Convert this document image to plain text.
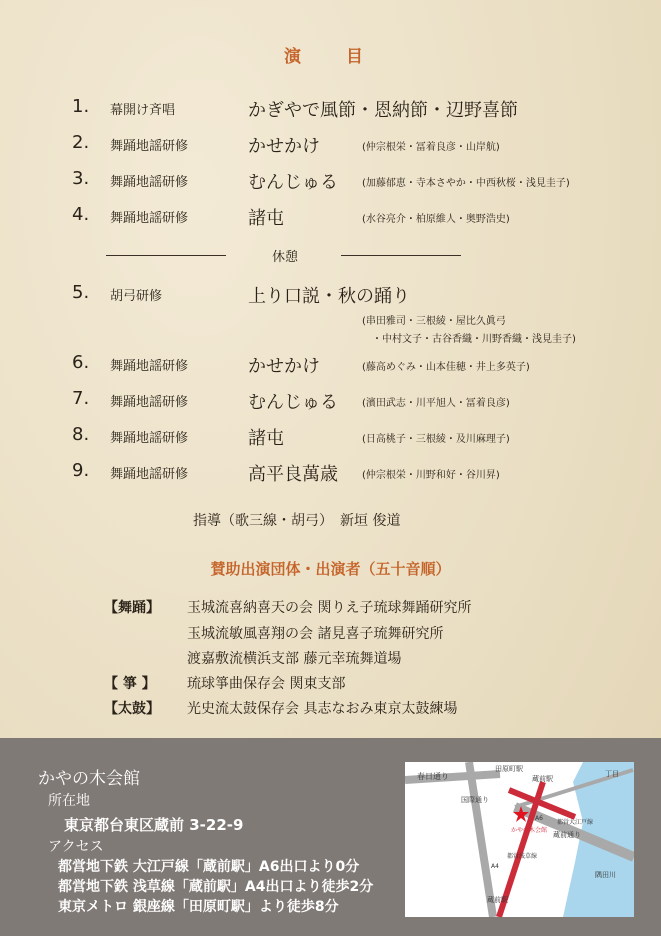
演　目
1. 幕開け斉唱	かぎやで風節・恩納節・辺野喜節
2. 舞踊地謡研修	かせかけ	(仲宗根栄・冨着良彦・山岸航)
3. 舞踊地謡研修	むんじゅる (加藤郁恵・寺本さやか・中西秋桜・浅見圭子)
4. 舞踊地謡研修	諸屯	(水谷亮介・柏原維人・奥野浩史)
休憩
5. 胡弓研修	上り口説・秋の踊り
(串田雅司・三根綾・屋比久眞弓
・中村文子・古谷香織・川野香織・浅見圭子)
6. 舞踊地謡研修	かせかけ	(藤高めぐみ・山本佳穂・井上多英子)
7. 舞踊地謡研修	むんじゅる (濱田武志・川平旭人・冨着良彦)
8. 舞踊地謡研修	諸屯	(日高桃子・三根綾・及川麻理子)
9. 舞踊地謡研修	高平良萬歳 (仲宗根栄・川野和好・谷川昇)
指導（歌三線・胡弓）　新垣 俊道
賛助出演団体・出演者（五十音順）
【舞踊】 玉城流喜納喜天の会 関りえ子琉球舞踊研究所
玉城流敏風喜翔の会 諸見喜子琉舞研究所
渡嘉敷流横浜支部 藤元幸琉舞道場
【 箏 】 琉球箏曲保存会 関東支部
【太鼓】 光史流太鼓保存会 具志なおみ東京太鼓練場
かやの木会館
所在地
東京都台東区蔵前 3-22-9
アクセス
都営地下鉄 大江戸線「蔵前駅」A6出口より0分
都営地下鉄 浅草線「蔵前駅」A4出口より徒歩2分
東京メトロ 銀座線「田原町駅」より徒歩8分
春日通り
田原町駅
蔵前駅
丁目
国際通り
蔵前通り
都営大江戸線
都営浅草線
隅田川
蔵前駅
A4
A6
かやの木会館
